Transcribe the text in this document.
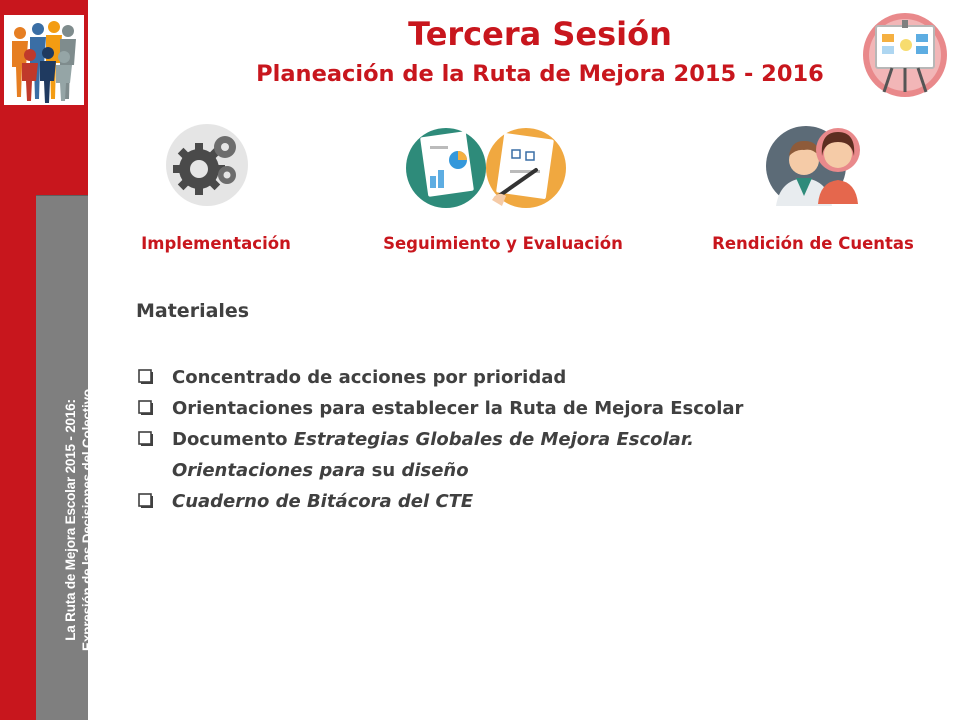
La Ruta de Mejora Escolar 2015 - 2016: Expresión de las Decisiones del Colectivo
Tercera Sesión
Planeación de la Ruta de Mejora 2015 - 2016
Implementación	Seguimiento y Evaluación	Rendición de Cuentas
Materiales
Concentrado de acciones por prioridad
Orientaciones para establecer la Ruta de Mejora Escolar
Documento Estrategias Globales de Mejora Escolar.
Orientaciones para su diseño
Cuaderno de Bitácora del CTE
